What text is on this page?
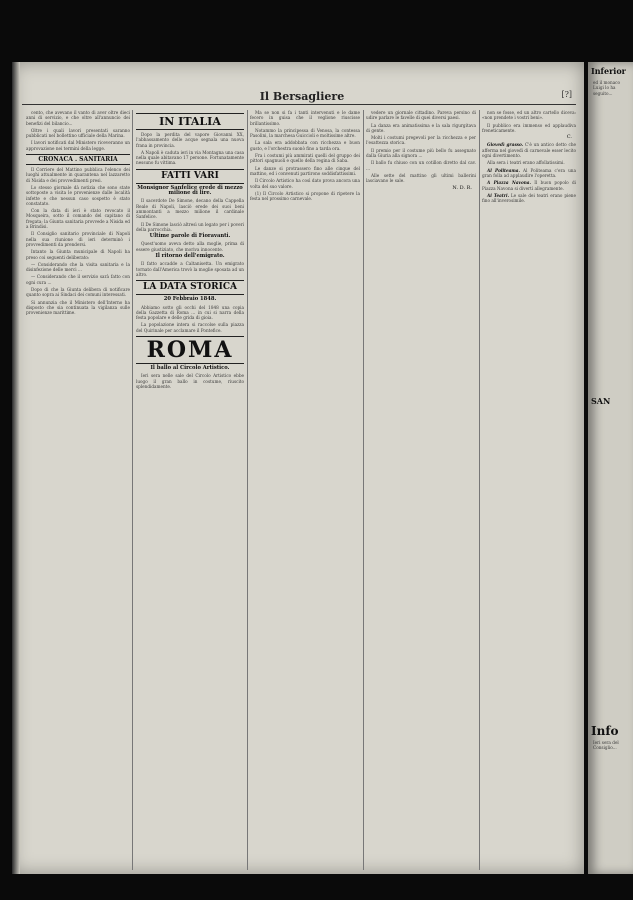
Il Bersagliere	[?]

cento, che avevano il vanto di aver oltre dieci anni di servizio, e che oltre all'annuncio dei benefizi del bilancio...

Oltre i quali lavori presentati saranno pubblicati nel bollettino ufficiale della Marina.

I lavori notificati dal Ministero riceveranno un approvazione nei termini della legge.

CRONACA . SANITARIA

Il Corriere del Mattino pubblica l'elenco dei luoghi attualmente in quarantena nel lazzaretto di Nisida e dei provvedimenti presi.

Lo stesso giornale dà notizia che sono state sottoposte a visita le provenienze dalle località infette e che nessun caso sospetto è stato constatato.

Con la data di ieri è stato revocato il Mosqueira, sotto il comando del capitano di fregata; la Giunta sanitaria provvede a Nisida ed a Brindisi.

Il Consiglio sanitario provinciale di Napoli nella sua riunione di ieri determinò i provvedimenti da prendersi.

Intanto la Giunta municipale di Napoli ha preso coi seguenti deliberato:

— Considerando che la visita sanitaria e la disinfezione delle merci ...

— Considerando che il servizio sarà fatto con ogni cura ...

Dopo di che la Giunta delibera di notificare quanto sopra ai Sindaci dei comuni interessati.

Si annunzia che il Ministero dell'Interno ha disposto che sia continuata la vigilanza sulle provenienze marittime.

IN ITALIA

Dopo la perdita del vapore Giovanni XX, l'abbassamento delle acque segnala una nuova frana in provincia.

A Napoli è caduta ieri in via Montagna una casa nella quale abitavano 17 persone. Fortunatamente nessuno fu vittima.

FATTI VARI

Monsignor Sanfelice erede di mezzo milione di lire.

Il sacerdote De Simone, decano della Cappella Reale di Napoli, lasciò erede dei suoi beni ammontanti a mezzo milione il cardinale Sanfelice.

Il De Simone lasciò altresì un legato per i poveri della parrocchia.

Ultime parole di Fioravanti.

Quest'uomo aveva detto alla moglie, prima di essere giustiziato, che moriva innocente.

Il ritorno dell'emigrato.

Il fatto accadde a Caltanisetta. Un emigrato tornato dall'America trovò la moglie sposata ad un altro.

LA DATA STORICA

20 Febbraio 1848.

Abbiamo sotto gli occhi del 1848 una copia della Gazzetta di Roma ... in cui si narra della festa popolare e delle grida di gioia.

La popolazione intera si raccolse sulla piazza del Quirinale per acclamare il Pontefice.

ROMA

Il ballo al Circolo Artistico.

Ieri sera nelle sale del Circolo Artistico ebbe luogo il gran ballo in costume, riuscito splendidamente.

Ma se non si fa i tanti intervenuti e le dame fecero in guisa che il veglione riuscisse brillantissimo.

Notammo la principessa di Venosa, la contessa Pasolini, la marchesa Guiccioli e moltissime altre.

La sala era addobbata con ricchezza e buon gusto, e l'orchestra suonò fino a tarda ora.

Fra i costumi più ammirati quelli del gruppo dei pittori spagnuoli e quello della regina di Saba.

Le danze si protrassero fino alle cinque del mattino, ed i convenuti partirono soddisfattissimi.

Il Circolo Artistico ha così dato prova ancora una volta del suo valore.

(1) Il Circolo Artistico si propone di ripetere la festa nel prossimo carnevale.

vedere un giornale cittadino. Pareva persino di udire parlare le favelle di quei diversi paesi.

La danza era animatissima e la sala rigurgitava di gente.

Molti i costumi pregevoli per la ricchezza e per l'esattezza storica.

Il premio per il costume più bello fu assegnato dalla Giuria alla signora ...

Il ballo fu chiuso con un cotillon diretto dal cav. ...

Alle sette del mattino gli ultimi ballerini lasciavano le sale.

N. D. R.

non se fosse, ed un altro cartello diceva: «non prendete i vostri beni».

Il pubblico era immenso ed applaudiva freneticamente.

C.

Giovedì grasso. C'è un antico detto che afferma nel giovedì di carnevale esser lecito ogni divertimento.

Alla sera i teatri erano affollatissimi.

Al Politeama. Al Politeama c'era una gran folla ad applaudire l'operetta.

A Piazza Navona. Il buon popolo di Piazza Navona si divertì allegramente.

Ai Teatri. Le sale dei teatri erano piene fino all'inverosimile.

Inferior

ed il monaco Luigi lo ha seguito...

SAN

Info

Ieri sera del Consiglio...
